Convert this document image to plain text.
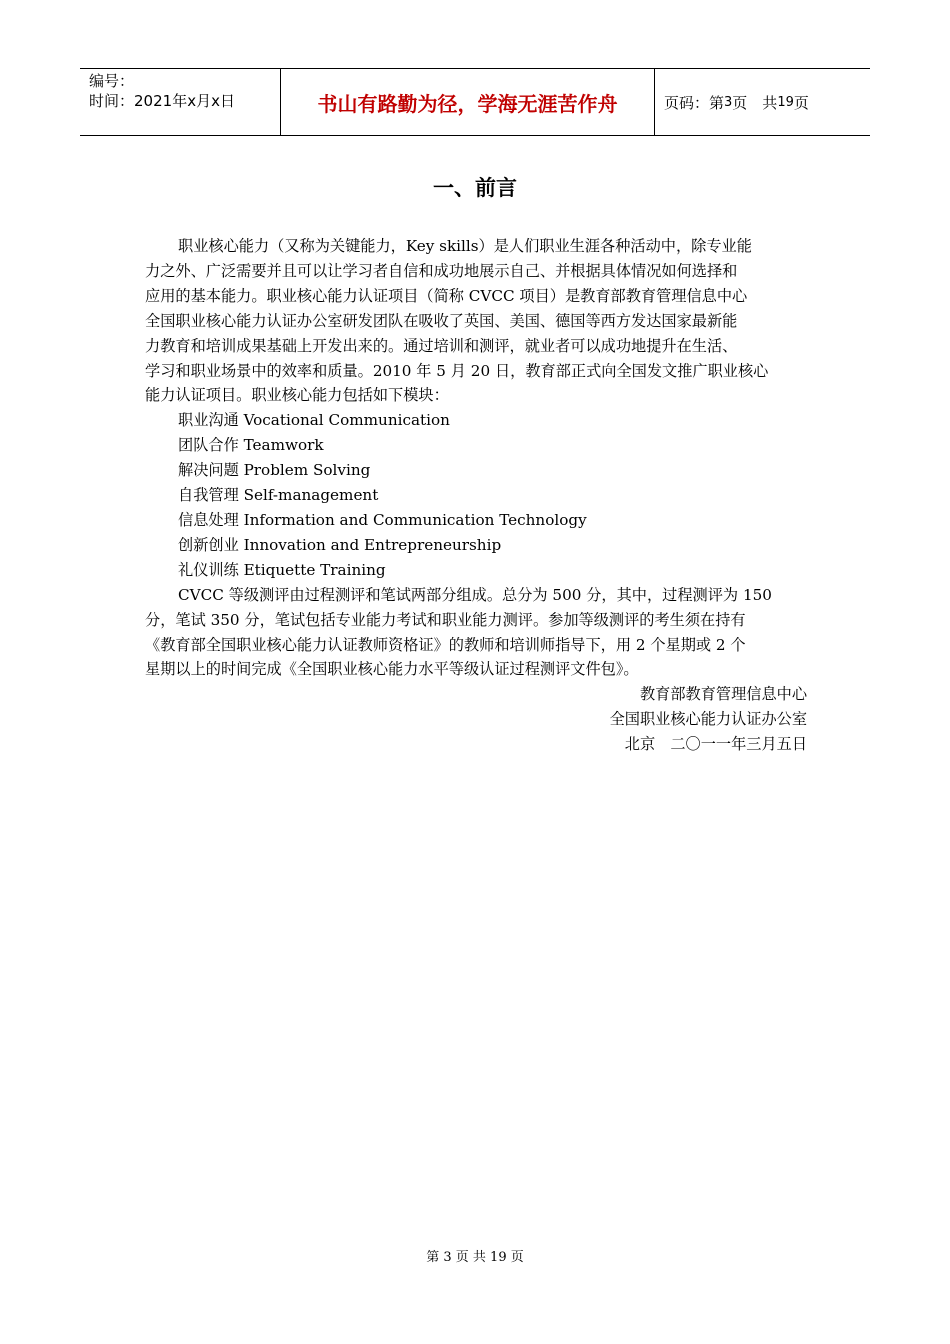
编号：
时间：2021年x月x日	书山有路勤为径，学海无涯苦作舟	页码：第 3 页　共 19 页
一、前言

职业核心能力（又称为关键能力，Key skills）是人们职业生涯各种活动中，除专业能

力之外、广泛需要并且可以让学习者自信和成功地展示自己、并根据具体情况如何选择和

应用的基本能力。职业核心能力认证项目（简称 CVCC 项目）是教育部教育管理信息中心

全国职业核心能力认证办公室研发团队在吸收了英国、美国、德国等西方发达国家最新能

力教育和培训成果基础上开发出来的。通过培训和测评，就业者可以成功地提升在生活、

学习和职业场景中的效率和质量。2010 年 5 月 20 日，教育部正式向全国发文推广职业核心

能力认证项目。职业核心能力包括如下模块：

职业沟通 Vocational Communication

团队合作 Teamwork

解决问题 Problem Solving

自我管理 Self-management

信息处理 Information and Communication Technology

创新创业 Innovation and Entrepreneurship

礼仪训练 Etiquette Training

CVCC 等级测评由过程测评和笔试两部分组成。总分为 500 分，其中，过程测评为 150

分，笔试 350 分，笔试包括专业能力考试和职业能力测评。参加等级测评的考生须在持有

《教育部全国职业核心能力认证教师资格证》的教师和培训师指导下，用 2 个星期或 2 个

星期以上的时间完成《全国职业核心能力水平等级认证过程测评文件包》。

教育部教育管理信息中心

全国职业核心能力认证办公室

北京　二〇一一年三月五日

第 3 页 共 19 页
